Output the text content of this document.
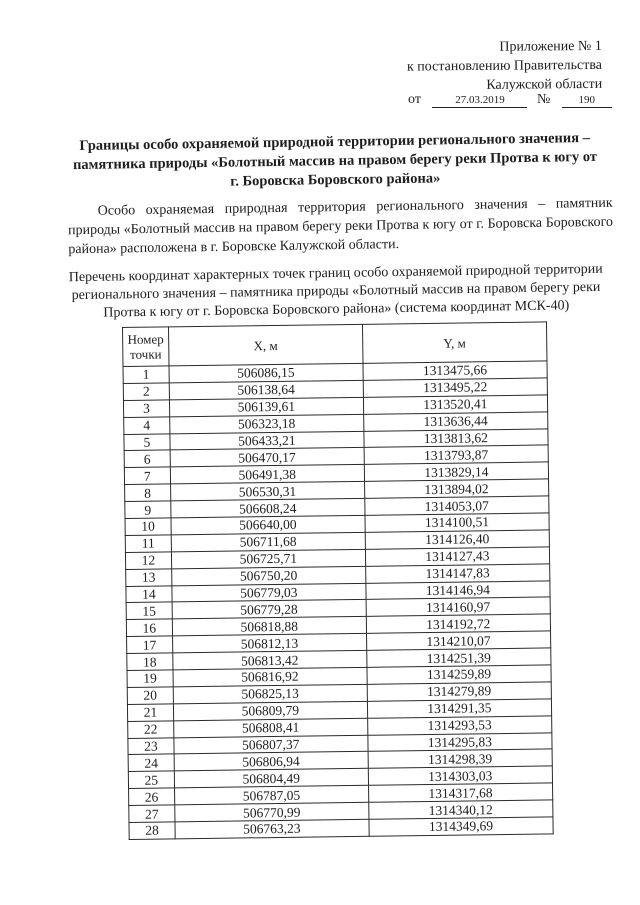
Приложение № 1
к постановлению Правительства
Калужской области
от	27.03.2019 №	190
Границы особо охраняемой природной территории регионального значения – памятника природы «Болотный массив на правом берегу реки Протва к югу от г. Боровска Боровского района»
Особо охраняемая природная территория регионального значения – памятник природы «Болотный массив на правом берегу реки Протва к югу от г. Боровска Боровского района» расположена в г. Боровске Калужской области.
Перечень координат характерных точек границ особо охраняемой природной территории регионального значения – памятника природы «Болотный массив на правом берегу реки Протва к югу от г. Боровска Боровского района» (система координат МСК-40)
Номер точки	X, м	Y, м
1	506086,15	1313475,66
2	506138,64	1313495,22
3	506139,61	1313520,41
4	506323,18	1313636,44
5	506433,21	1313813,62
6	506470,17	1313793,87
7	506491,38	1313829,14
8	506530,31	1313894,02
9	506608,24	1314053,07
10	506640,00	1314100,51
11	506711,68	1314126,40
12	506725,71	1314127,43
13	506750,20	1314147,83
14	506779,03	1314146,94
15	506779,28	1314160,97
16	506818,88	1314192,72
17	506812,13	1314210,07
18	506813,42	1314251,39
19	506816,92	1314259,89
20	506825,13	1314279,89
21	506809,79	1314291,35
22	506808,41	1314293,53
23	506807,37	1314295,83
24	506806,94	1314298,39
25	506804,49	1314303,03
26	506787,05	1314317,68
27	506770,99	1314340,12
28	506763,23	1314349,69
